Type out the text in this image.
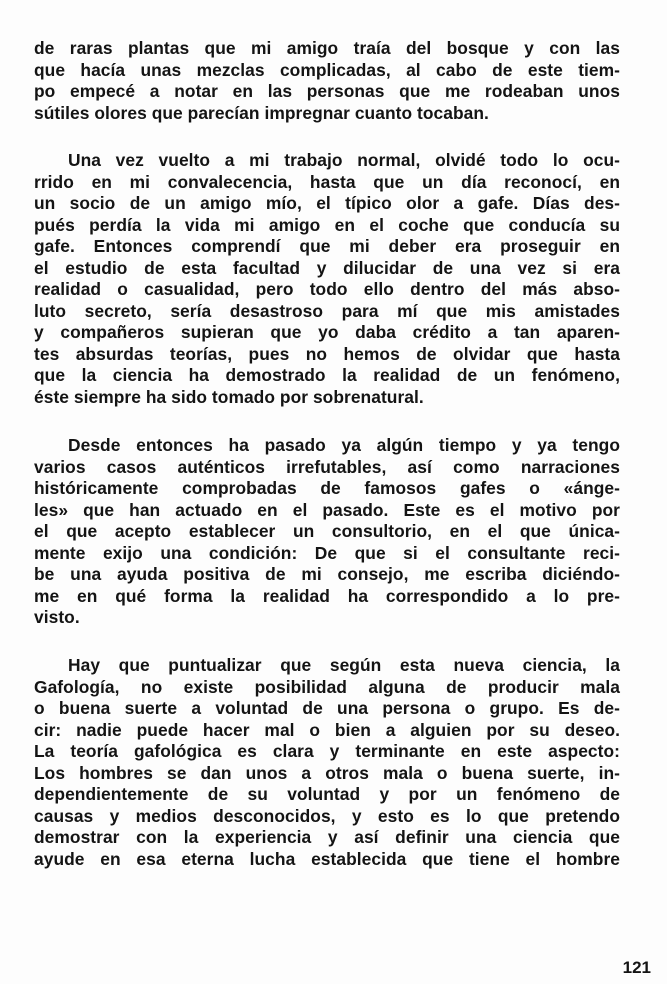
de raras plantas que mi amigo traía del bosque y con las
que hacía unas mezclas complicadas, al cabo de este tiem-
po empecé a notar en las personas que me rodeaban unos
sútiles olores que parecían impregnar cuanto tocaban.
Una vez vuelto a mi trabajo normal, olvidé todo lo ocu-
rrido en mi convalecencia, hasta que un día reconocí, en
un socio de un amigo mío, el típico olor a gafe. Días des-
pués perdía la vida mi amigo en el coche que conducía su
gafe. Entonces comprendí que mi deber era proseguir en
el estudio de esta facultad y dilucidar de una vez si era
realidad o casualidad, pero todo ello dentro del más abso-
luto secreto, sería desastroso para mí que mis amistades
y compañeros supieran que yo daba crédito a tan aparen-
tes absurdas teorías, pues no hemos de olvidar que hasta
que la ciencia ha demostrado la realidad de un fenómeno,
éste siempre ha sido tomado por sobrenatural.
Desde entonces ha pasado ya algún tiempo y ya tengo
varios casos auténticos irrefutables, así como narraciones
históricamente comprobadas de famosos gafes o «ánge-
les» que han actuado en el pasado. Este es el motivo por
el que acepto establecer un consultorio, en el que única-
mente exijo una condición: De que si el consultante reci-
be una ayuda positiva de mi consejo, me escriba diciéndo-
me en qué forma la realidad ha correspondido a lo pre-
visto.
Hay que puntualizar que según esta nueva ciencia, la
Gafología, no existe posibilidad alguna de producir mala
o buena suerte a voluntad de una persona o grupo. Es de-
cir: nadie puede hacer mal o bien a alguien por su deseo.
La teoría gafológica es clara y terminante en este aspecto:
Los hombres se dan unos a otros mala o buena suerte, in-
dependientemente de su voluntad y por un fenómeno de
causas y medios desconocidos, y esto es lo que pretendo
demostrar con la experiencia y así definir una ciencia que
ayude en esa eterna lucha establecida que tiene el hombre
121
